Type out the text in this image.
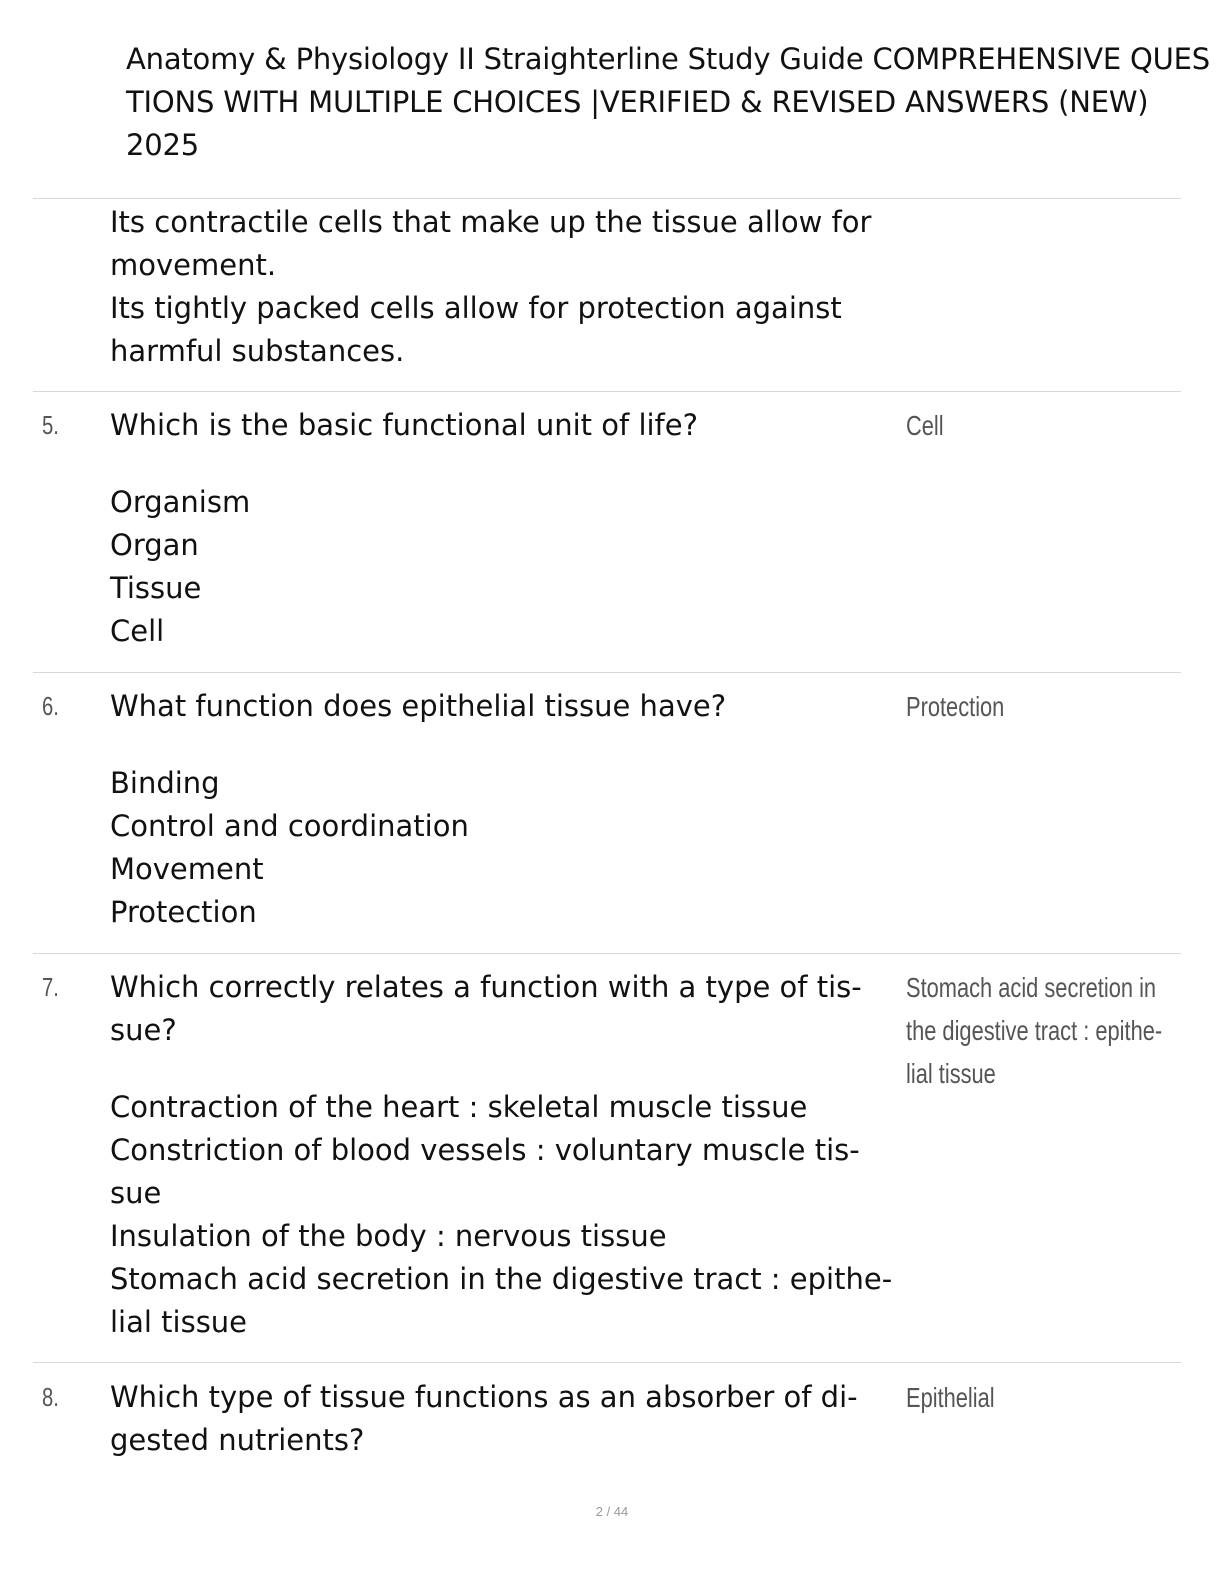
Anatomy & Physiology II Straighterline Study Guide COMPREHENSIVE QUES
TIONS WITH MULTIPLE CHOICES |VERIFIED & REVISED ANSWERS (NEW)
2025
Its contractile cells that make up the tissue allow for
movement.
Its tightly packed cells allow for protection against
harmful substances.
5. Which is the basic functional unit of life?
Organism
Organ
Tissue
Cell
Cell
6. What function does epithelial tissue have?
Binding
Control and coordination
Movement
Protection
Protection
7. Which correctly relates a function with a type of tis-
sue?
Contraction of the heart : skeletal muscle tissue
Constriction of blood vessels : voluntary muscle tis-
sue
Insulation of the body : nervous tissue
Stomach acid secretion in the digestive tract : epithe-
lial tissue
Stomach acid secretion in
the digestive tract : epithe-
lial tissue
8. Which type of tissue functions as an absorber of di-
gested nutrients?
Epithelial
2 / 44
